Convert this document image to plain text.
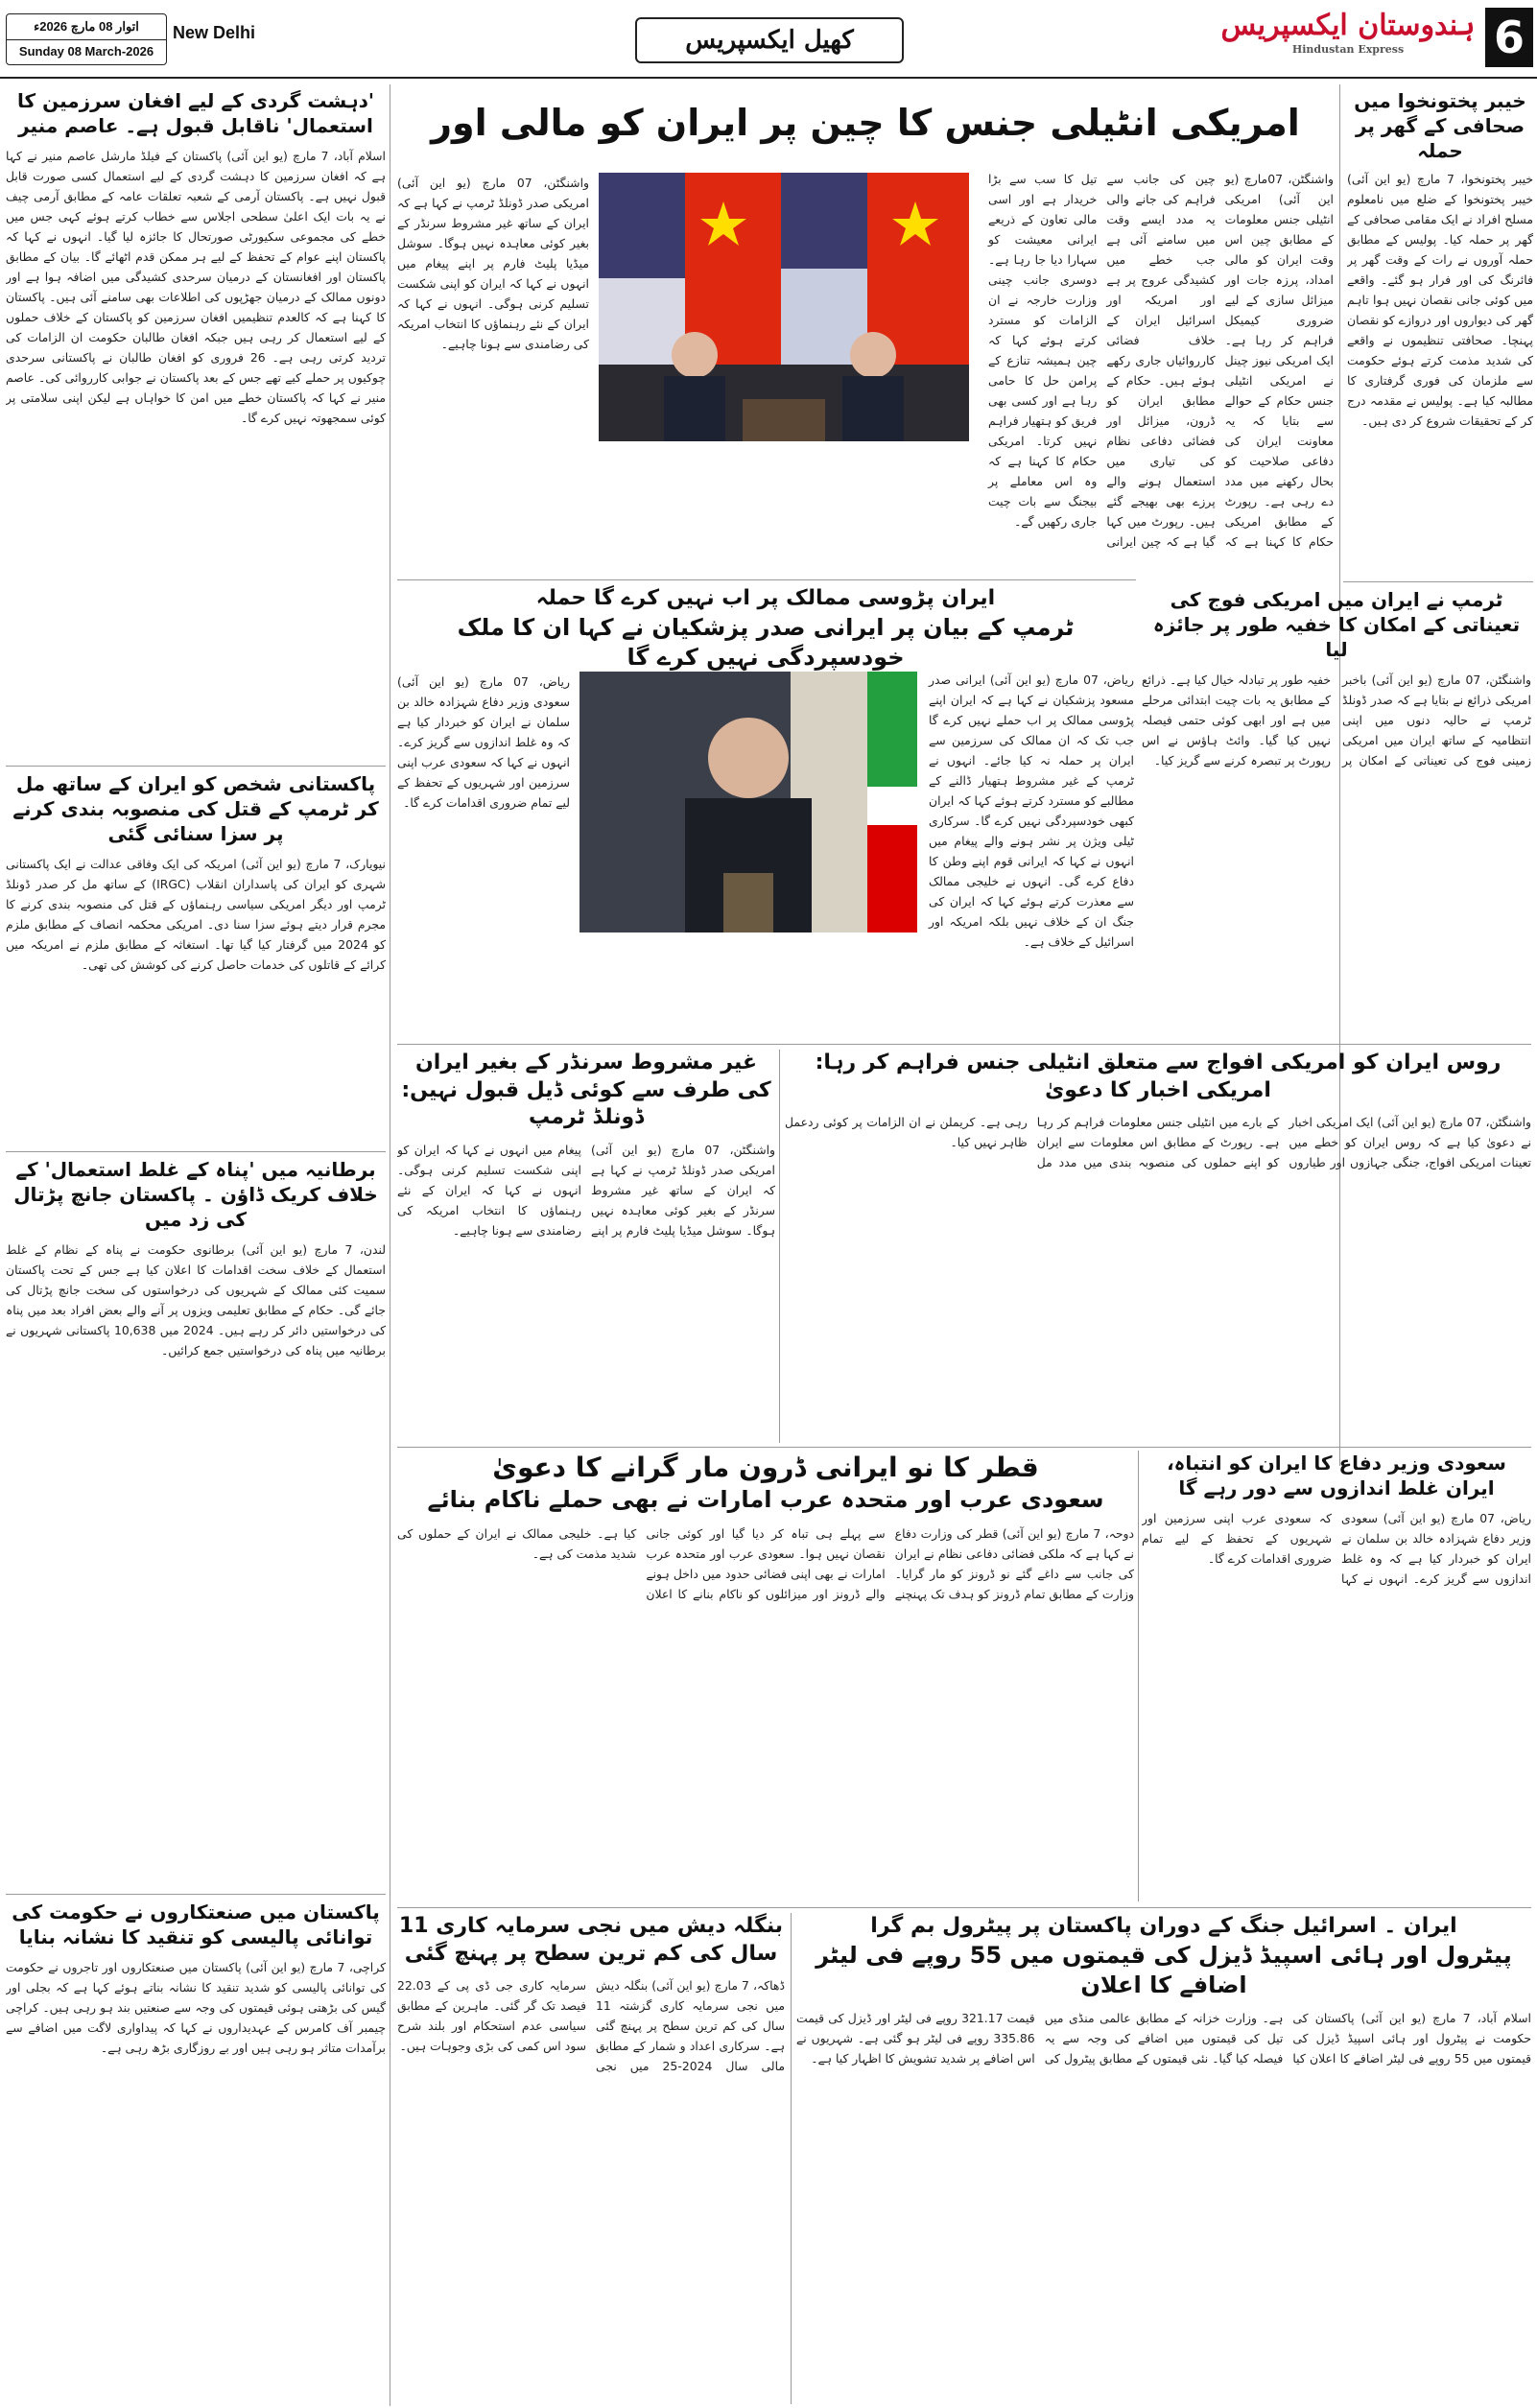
6
ہندوستان ایکسپریس
Hindustan Express
کھیل ایکسپریس
New Delhi
اتوار 08 مارچ 2026ء
Sunday 08 March-2026
خیبر پختونخوا میں صحافی کے گھر پر حملہ
خیبر پختونخوا، 7 مارچ (یو این آئی) خیبر پختونخوا کے ضلع میں نامعلوم مسلح افراد نے ایک مقامی صحافی کے گھر پر حملہ کیا۔ پولیس کے مطابق حملہ آوروں نے رات کے وقت گھر پر فائرنگ کی اور فرار ہو گئے۔ واقعے میں کوئی جانی نقصان نہیں ہوا تاہم گھر کی دیواروں اور دروازے کو نقصان پہنچا۔ صحافتی تنظیموں نے واقعے کی شدید مذمت کرتے ہوئے حکومت سے ملزمان کی فوری گرفتاری کا مطالبہ کیا ہے۔ پولیس نے مقدمہ درج کر کے تحقیقات شروع کر دی ہیں۔
ٹرمپ نے ایران میں امریکی فوج کی تعیناتی کے امکان کا خفیہ طور پر جائزہ لیا
واشنگٹن، 07 مارچ (یو این آئی) باخبر امریکی ذرائع نے بتایا ہے کہ صدر ڈونلڈ ٹرمپ نے حالیہ دنوں میں اپنی انتظامیہ کے ساتھ ایران میں امریکی زمینی فوج کی تعیناتی کے امکان پر خفیہ طور پر تبادلہ خیال کیا ہے۔ ذرائع کے مطابق یہ بات چیت ابتدائی مرحلے میں ہے اور ابھی کوئی حتمی فیصلہ نہیں کیا گیا۔ وائٹ ہاؤس نے اس رپورٹ پر تبصرہ کرنے سے گریز کیا۔
امریکی انٹیلی جنس کا چین پر ایران کو مالی اور
واشنگٹن، 07مارچ (یو این آئی) امریکی انٹیلی جنس معلومات کے مطابق چین اس وقت ایران کو مالی امداد، پرزہ جات اور میزائل سازی کے لیے ضروری کیمیکل فراہم کر رہا ہے۔ ایک امریکی نیوز چینل نے امریکی انٹیلی جنس حکام کے حوالے سے بتایا کہ یہ معاونت ایران کی دفاعی صلاحیت کو بحال رکھنے میں مدد دے رہی ہے۔ رپورٹ کے مطابق امریکی حکام کا کہنا ہے کہ چین کی جانب سے فراہم کی جانے والی یہ مدد ایسے وقت میں سامنے آئی ہے جب خطے میں کشیدگی عروج پر ہے اور امریکہ اور اسرائیل ایران کے خلاف فضائی کارروائیاں جاری رکھے ہوئے ہیں۔ حکام کے مطابق ایران کو ڈرون، میزائل اور فضائی دفاعی نظام کی تیاری میں استعمال ہونے والے پرزے بھی بھیجے گئے ہیں۔ رپورٹ میں کہا گیا ہے کہ چین ایرانی تیل کا سب سے بڑا خریدار ہے اور اسی مالی تعاون کے ذریعے ایرانی معیشت کو سہارا دیا جا رہا ہے۔ دوسری جانب چینی وزارت خارجہ نے ان الزامات کو مسترد کرتے ہوئے کہا کہ چین ہمیشہ تنازع کے پرامن حل کا حامی رہا ہے اور کسی بھی فریق کو ہتھیار فراہم نہیں کرتا۔ امریکی حکام کا کہنا ہے کہ وہ اس معاملے پر بیجنگ سے بات چیت جاری رکھیں گے۔
واشنگٹن، 07 مارچ (یو این آئی) امریکی صدر ڈونلڈ ٹرمپ نے کہا ہے کہ ایران کے ساتھ غیر مشروط سرنڈر کے بغیر کوئی معاہدہ نہیں ہوگا۔ سوشل میڈیا پلیٹ فارم پر اپنے پیغام میں انہوں نے کہا کہ ایران کو اپنی شکست تسلیم کرنی ہوگی۔ انہوں نے کہا کہ ایران کے نئے رہنماؤں کا انتخاب امریکہ کی رضامندی سے ہونا چاہیے۔
ایران پڑوسی ممالک پر اب نہیں کرے گا حملہ
ٹرمپ کے بیان پر ایرانی صدر پزشکیان نے کہا ان کا ملک خودسپردگی نہیں کرے گا
ریاض، 07 مارچ (یو این آئی) ایرانی صدر مسعود پزشکیان نے کہا ہے کہ ایران اپنے پڑوسی ممالک پر اب حملے نہیں کرے گا جب تک کہ ان ممالک کی سرزمین سے ایران پر حملہ نہ کیا جائے۔ انہوں نے ٹرمپ کے غیر مشروط ہتھیار ڈالنے کے مطالبے کو مسترد کرتے ہوئے کہا کہ ایران کبھی خودسپردگی نہیں کرے گا۔ سرکاری ٹیلی ویژن پر نشر ہونے والے پیغام میں انہوں نے کہا کہ ایرانی قوم اپنے وطن کا دفاع کرے گی۔ انہوں نے خلیجی ممالک سے معذرت کرتے ہوئے کہا کہ ایران کی جنگ ان کے خلاف نہیں بلکہ امریکہ اور اسرائیل کے خلاف ہے۔
ریاض، 07 مارچ (یو این آئی) سعودی وزیر دفاع شہزادہ خالد بن سلمان نے ایران کو خبردار کیا ہے کہ وہ غلط اندازوں سے گریز کرے۔ انہوں نے کہا کہ سعودی عرب اپنی سرزمین اور شہریوں کے تحفظ کے لیے تمام ضروری اقدامات کرے گا۔
روس ایران کو امریکی افواج سے متعلق انٹیلی جنس فراہم کر رہا: امریکی اخبار کا دعویٰ
واشنگٹن، 07 مارچ (یو این آئی) ایک امریکی اخبار نے دعویٰ کیا ہے کہ روس ایران کو خطے میں تعینات امریکی افواج، جنگی جہازوں اور طیاروں کے بارے میں انٹیلی جنس معلومات فراہم کر رہا ہے۔ رپورٹ کے مطابق اس معلومات سے ایران کو اپنے حملوں کی منصوبہ بندی میں مدد مل رہی ہے۔ کریملن نے ان الزامات پر کوئی ردعمل ظاہر نہیں کیا۔
غیر مشروط سرنڈر کے بغیر ایران کی طرف سے کوئی ڈیل قبول نہیں: ڈونلڈ ٹرمپ
واشنگٹن، 07 مارچ (یو این آئی) امریکی صدر ڈونلڈ ٹرمپ نے کہا ہے کہ ایران کے ساتھ غیر مشروط سرنڈر کے بغیر کوئی معاہدہ نہیں ہوگا۔ سوشل میڈیا پلیٹ فارم پر اپنے پیغام میں انہوں نے کہا کہ ایران کو اپنی شکست تسلیم کرنی ہوگی۔ انہوں نے کہا کہ ایران کے نئے رہنماؤں کا انتخاب امریکہ کی رضامندی سے ہونا چاہیے۔
سعودی وزیر دفاع کا ایران کو انتباہ، ایران غلط اندازوں سے دور رہے گا
ریاض، 07 مارچ (یو این آئی) سعودی وزیر دفاع شہزادہ خالد بن سلمان نے ایران کو خبردار کیا ہے کہ وہ غلط اندازوں سے گریز کرے۔ انہوں نے کہا کہ سعودی عرب اپنی سرزمین اور شہریوں کے تحفظ کے لیے تمام ضروری اقدامات کرے گا۔
قطر کا نو ایرانی ڈرون مار گرانے کا دعویٰ
سعودی عرب اور متحدہ عرب امارات نے بھی حملے ناکام بنائے
دوحہ، 7 مارچ (یو این آئی) قطر کی وزارت دفاع نے کہا ہے کہ ملکی فضائی دفاعی نظام نے ایران کی جانب سے داغے گئے نو ڈرونز کو مار گرایا۔ وزارت کے مطابق تمام ڈرونز کو ہدف تک پہنچنے سے پہلے ہی تباہ کر دیا گیا اور کوئی جانی نقصان نہیں ہوا۔ سعودی عرب اور متحدہ عرب امارات نے بھی اپنی فضائی حدود میں داخل ہونے والے ڈرونز اور میزائلوں کو ناکام بنانے کا اعلان کیا ہے۔ خلیجی ممالک نے ایران کے حملوں کی شدید مذمت کی ہے۔
ایران ۔ اسرائیل جنگ کے دوران پاکستان پر پیٹرول بم گرا
پیٹرول اور ہائی اسپیڈ ڈیزل کی قیمتوں میں 55 روپے فی لیٹر اضافے کا اعلان
اسلام آباد، 7 مارچ (یو این آئی) پاکستان کی حکومت نے پیٹرول اور ہائی اسپیڈ ڈیزل کی قیمتوں میں 55 روپے فی لیٹر اضافے کا اعلان کیا ہے۔ وزارت خزانہ کے مطابق عالمی منڈی میں تیل کی قیمتوں میں اضافے کی وجہ سے یہ فیصلہ کیا گیا۔ نئی قیمتوں کے مطابق پیٹرول کی قیمت 321.17 روپے فی لیٹر اور ڈیزل کی قیمت 335.86 روپے فی لیٹر ہو گئی ہے۔ شہریوں نے اس اضافے پر شدید تشویش کا اظہار کیا ہے۔
بنگلہ دیش میں نجی سرمایہ کاری 11 سال کی کم ترین سطح پر پہنچ گئی
ڈھاکہ، 7 مارچ (یو این آئی) بنگلہ دیش میں نجی سرمایہ کاری گزشتہ 11 سال کی کم ترین سطح پر پہنچ گئی ہے۔ سرکاری اعداد و شمار کے مطابق مالی سال 2024-25 میں نجی سرمایہ کاری جی ڈی پی کے 22.03 فیصد تک گر گئی۔ ماہرین کے مطابق سیاسی عدم استحکام اور بلند شرح سود اس کمی کی بڑی وجوہات ہیں۔
'دہشت گردی کے لیے افغان سرزمین کا استعمال' ناقابل قبول ہے۔ عاصم منیر
اسلام آباد، 7 مارچ (یو این آئی) پاکستان کے فیلڈ مارشل عاصم منیر نے کہا ہے کہ افغان سرزمین کا دہشت گردی کے لیے استعمال کسی صورت قابل قبول نہیں ہے۔ پاکستان آرمی کے شعبہ تعلقات عامہ کے مطابق آرمی چیف نے یہ بات ایک اعلیٰ سطحی اجلاس سے خطاب کرتے ہوئے کہی جس میں خطے کی مجموعی سکیورٹی صورتحال کا جائزہ لیا گیا۔ انہوں نے کہا کہ پاکستان اپنے عوام کے تحفظ کے لیے ہر ممکن قدم اٹھائے گا۔ بیان کے مطابق پاکستان اور افغانستان کے درمیان سرحدی کشیدگی میں اضافہ ہوا ہے اور دونوں ممالک کے درمیان جھڑپوں کی اطلاعات بھی سامنے آئی ہیں۔ پاکستان کا کہنا ہے کہ کالعدم تنظیمیں افغان سرزمین کو پاکستان کے خلاف حملوں کے لیے استعمال کر رہی ہیں جبکہ افغان طالبان حکومت ان الزامات کی تردید کرتی رہی ہے۔ 26 فروری کو افغان طالبان نے پاکستانی سرحدی چوکیوں پر حملے کیے تھے جس کے بعد پاکستان نے جوابی کارروائی کی۔ عاصم منیر نے کہا کہ پاکستان خطے میں امن کا خواہاں ہے لیکن اپنی سلامتی پر کوئی سمجھوتہ نہیں کرے گا۔
پاکستانی شخص کو ایران کے ساتھ مل کر ٹرمپ کے قتل کی منصوبہ بندی کرنے پر سزا سنائی گئی
نیویارک، 7 مارچ (یو این آئی) امریکہ کی ایک وفاقی عدالت نے ایک پاکستانی شہری کو ایران کی پاسداران انقلاب (IRGC) کے ساتھ مل کر صدر ڈونلڈ ٹرمپ اور دیگر امریکی سیاسی رہنماؤں کے قتل کی منصوبہ بندی کرنے کا مجرم قرار دیتے ہوئے سزا سنا دی۔ امریکی محکمہ انصاف کے مطابق ملزم کو 2024 میں گرفتار کیا گیا تھا۔ استغاثہ کے مطابق ملزم نے امریکہ میں کرائے کے قاتلوں کی خدمات حاصل کرنے کی کوشش کی تھی۔
برطانیہ میں 'پناہ کے غلط استعمال' کے خلاف کریک ڈاؤن ۔ پاکستان جانچ پڑتال کی زد میں
لندن، 7 مارچ (یو این آئی) برطانوی حکومت نے پناہ کے نظام کے غلط استعمال کے خلاف سخت اقدامات کا اعلان کیا ہے جس کے تحت پاکستان سمیت کئی ممالک کے شہریوں کی درخواستوں کی سخت جانچ پڑتال کی جائے گی۔ حکام کے مطابق تعلیمی ویزوں پر آنے والے بعض افراد بعد میں پناہ کی درخواستیں دائر کر رہے ہیں۔ 2024 میں 10,638 پاکستانی شہریوں نے برطانیہ میں پناہ کی درخواستیں جمع کرائیں۔
پاکستان میں صنعتکاروں نے حکومت کی توانائی پالیسی کو تنقید کا نشانہ بنایا
کراچی، 7 مارچ (یو این آئی) پاکستان میں صنعتکاروں اور تاجروں نے حکومت کی توانائی پالیسی کو شدید تنقید کا نشانہ بناتے ہوئے کہا ہے کہ بجلی اور گیس کی بڑھتی ہوئی قیمتوں کی وجہ سے صنعتیں بند ہو رہی ہیں۔ کراچی چیمبر آف کامرس کے عہدیداروں نے کہا کہ پیداواری لاگت میں اضافے سے برآمدات متاثر ہو رہی ہیں اور بے روزگاری بڑھ رہی ہے۔
